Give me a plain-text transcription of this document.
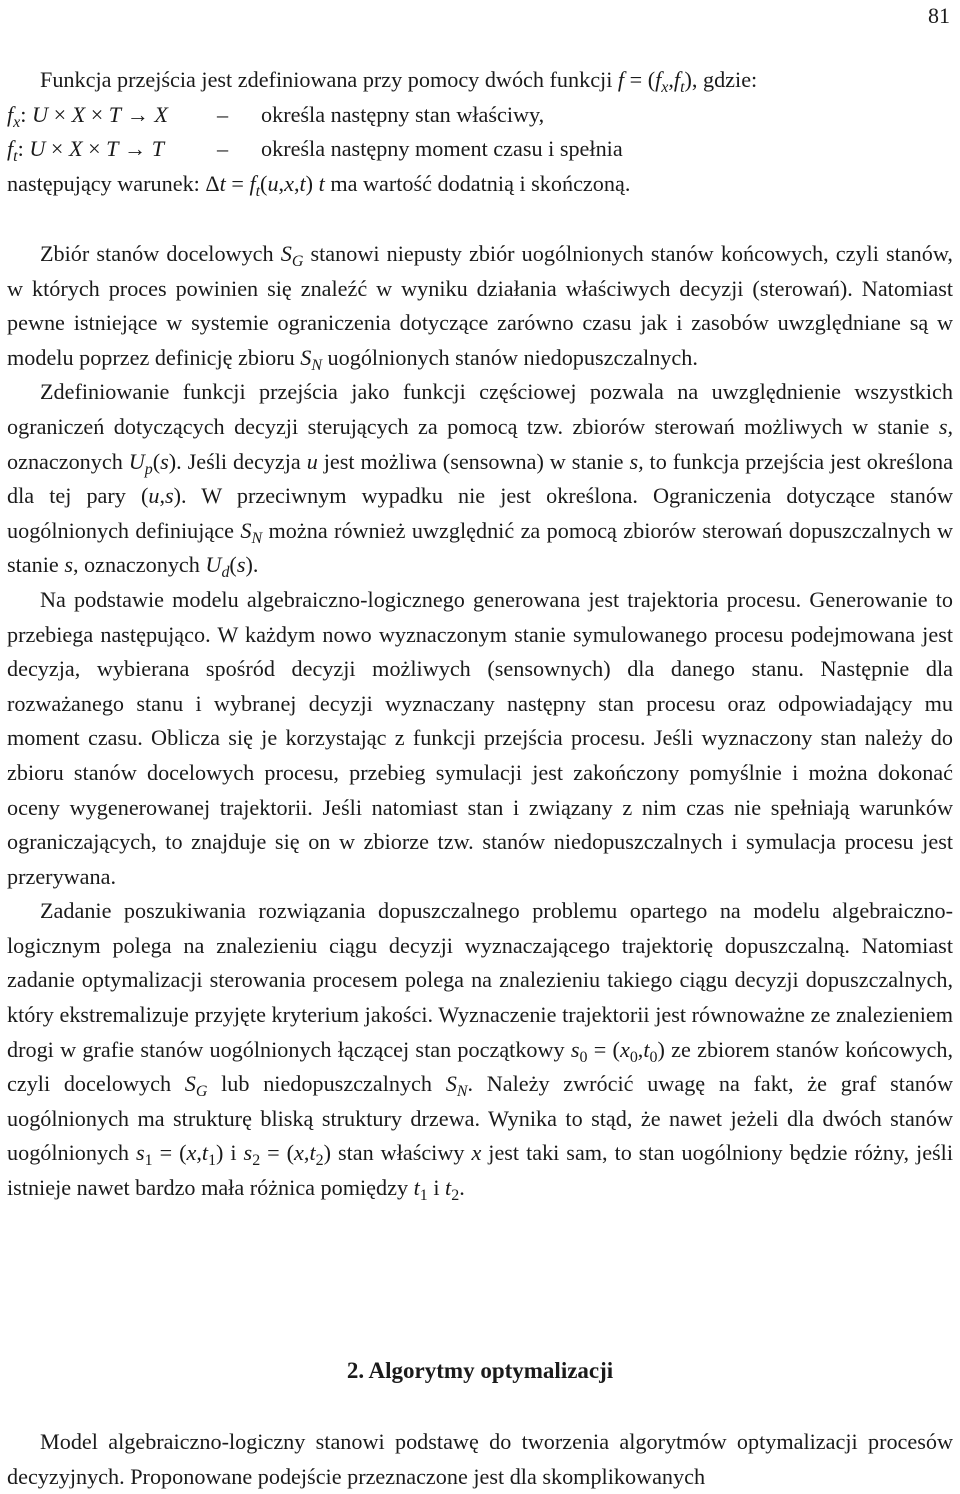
81

Funkcja przejścia jest zdefiniowana przy pomocy dwóch funkcji $f = (f_x,f_t)$, gdzie:

$f_x$: U × X × T → X	–	określa następny stan właściwy,
$f_t$: U × X × T → T	–	określa następny moment czasu i spełnia
następujący warunek: $\Delta t = f_t(u,x,t)$ t ma wartość dodatnią i skończoną.

Zbiór stanów docelowych $S_G$ stanowi niepusty zbiór uogólnionych stanów końcowych, czyli stanów, w których proces powinien się znaleźć w wyniku działania właściwych decyzji (sterowań). Natomiast pewne istniejące w systemie ograniczenia dotyczące zarówno czasu jak i zasobów uwzględniane są w modelu poprzez definicję zbioru $S_N$ uogólnionych stanów niedopuszczalnych.

Zdefiniowanie funkcji przejścia jako funkcji częściowej pozwala na uwzględnienie wszystkich ograniczeń dotyczących decyzji sterujących za pomocą tzw. zbiorów sterowań możliwych w stanie s, oznaczonych $U_p(s)$. Jeśli decyzja u jest możliwa (sensowna) w stanie s, to funkcja przejścia jest określona dla tej pary (u,s). W przeciwnym wypadku nie jest określona. Ograniczenia dotyczące stanów uogólnionych definiujące $S_N$ można również uwzględnić za pomocą zbiorów sterowań dopuszczalnych w stanie s, oznaczonych $U_d(s)$.

Na podstawie modelu algebraiczno-logicznego generowana jest trajektoria procesu. Generowanie to przebiega następująco. W każdym nowo wyznaczonym stanie symulowanego procesu podejmowana jest decyzja, wybierana spośród decyzji możliwych (sensownych) dla danego stanu. Następnie dla rozważanego stanu i wybranej decyzji wyznaczany następny stan procesu oraz odpowiadający mu moment czasu. Oblicza się je korzystając z funkcji przejścia procesu. Jeśli wyznaczony stan należy do zbioru stanów docelowych procesu, przebieg symulacji jest zakończony pomyślnie i można dokonać oceny wygenerowanej trajektorii. Jeśli natomiast stan i związany z nim czas nie spełniają warunków ograniczających, to znajduje się on w zbiorze tzw. stanów niedopuszczalnych i symulacja procesu jest przerywana.

Zadanie poszukiwania rozwiązania dopuszczalnego problemu opartego na modelu algebraiczno-logicznym polega na znalezieniu ciągu decyzji wyznaczającego trajektorię dopuszczalną. Natomiast zadanie optymalizacji sterowania procesem polega na znalezieniu takiego ciągu decyzji dopuszczalnych, który ekstremalizuje przyjęte kryterium jakości. Wyznaczenie trajektorii jest równoważne ze znalezieniem drogi w grafie stanów uogólnionych łączącej stan początkowy $s_0 = (x_0,t_0)$ ze zbiorem stanów końcowych, czyli docelowych $S_G$ lub niedopuszczalnych $S_N$. Należy zwrócić uwagę na fakt, że graf stanów uogólnionych ma strukturę bliską struktury drzewa. Wynika to stąd, że nawet jeżeli dla dwóch stanów uogólnionych $s_1 = (x,t_1)$ i $s_2 = (x,t_2)$ stan właściwy x jest taki sam, to stan uogólniony będzie różny, jeśli istnieje nawet bardzo mała różnica pomiędzy $t_1$ i $t_2$.

2. Algorytmy optymalizacji

Model algebraiczno-logiczny stanowi podstawę do tworzenia algorytmów optymalizacji procesów decyzyjnych. Proponowane podejście przeznaczone jest dla skomplikowanych
